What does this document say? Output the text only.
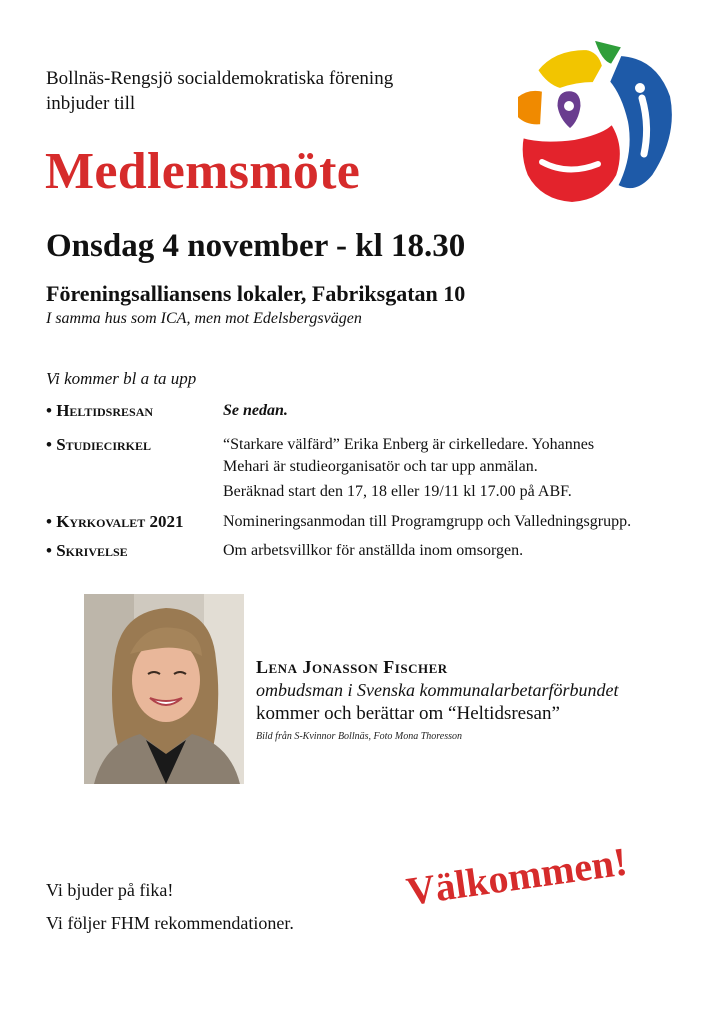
Bollnäs-Rengsjö socialdemokratiska förening
inbjuder till
Medlemsmöte
Onsdag 4 november - kl 18.30
Föreningsalliansens lokaler, Fabriksgatan 10
I samma hus som ICA, men mot Edelsbergsvägen
Vi kommer bl a ta upp
• Heltidsresan	Se nedan.
• Studiecirkel	“Starkare välfärd” Erika Enberg är cirkelledare. Yohannes
Mehari är studieorganisatör och tar upp anmälan.
Beräknad start den 17, 18 eller 19/11 kl 17.00 på ABF.
• Kyrkovalet 2021	Nomineringsanmodan till Programgrupp och Valledningsgrupp.
• Skrivelse	Om arbetsvillkor för anställda inom omsorgen.
Lena Jonasson Fischer
ombudsman i Svenska kommunalarbetarförbundet
kommer och berättar om “Heltidsresan”
Bild från S-Kvinnor Bollnäs, Foto Mona Thoresson
Vi bjuder på fika!
Vi följer FHM rekommendationer.
Välkommen!
